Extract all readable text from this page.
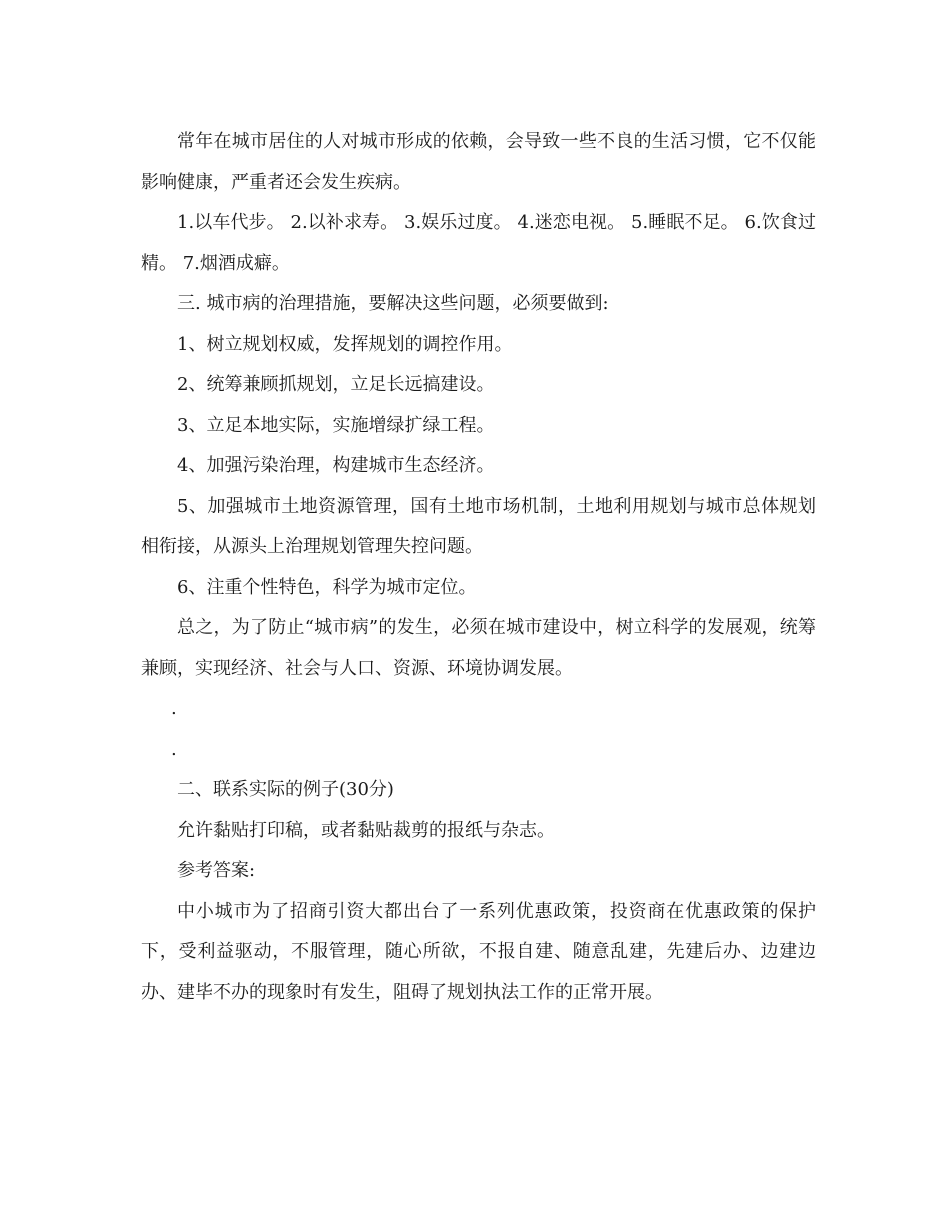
常年在城市居住的人对城市形成的依赖，会导致一些不良的生活习惯，它不仅能影响健康，严重者还会发生疾病。

1.以车代步。 2.以补求寿。 3.娱乐过度。 4.迷恋电视。 5.睡眠不足。 6.饮食过精。 7.烟酒成癖。

三. 城市病的治理措施，要解决这些问题，必须要做到:

1、树立规划权威，发挥规划的调控作用。

2、统筹兼顾抓规划，立足长远搞建设。

3、立足本地实际，实施增绿扩绿工程。

4、加强污染治理，构建城市生态经济。

5、加强城市土地资源管理，国有土地市场机制，土地利用规划与城市总体规划相衔接，从源头上治理规划管理失控问题。

6、注重个性特色，科学为城市定位。

总之，为了防止“城市病”的发生，必须在城市建设中，树立科学的发展观，统筹兼顾，实现经济、社会与人口、资源、环境协调发展。

.

.

二、联系实际的例子(30分)

允许黏贴打印稿，或者黏贴裁剪的报纸与杂志。

参考答案:

中小城市为了招商引资大都出台了一系列优惠政策，投资商在优惠政策的保护下，受利益驱动，不服管理，随心所欲，不报自建、随意乱建，先建后办、边建边办、建毕不办的现象时有发生，阻碍了规划执法工作的正常开展。
